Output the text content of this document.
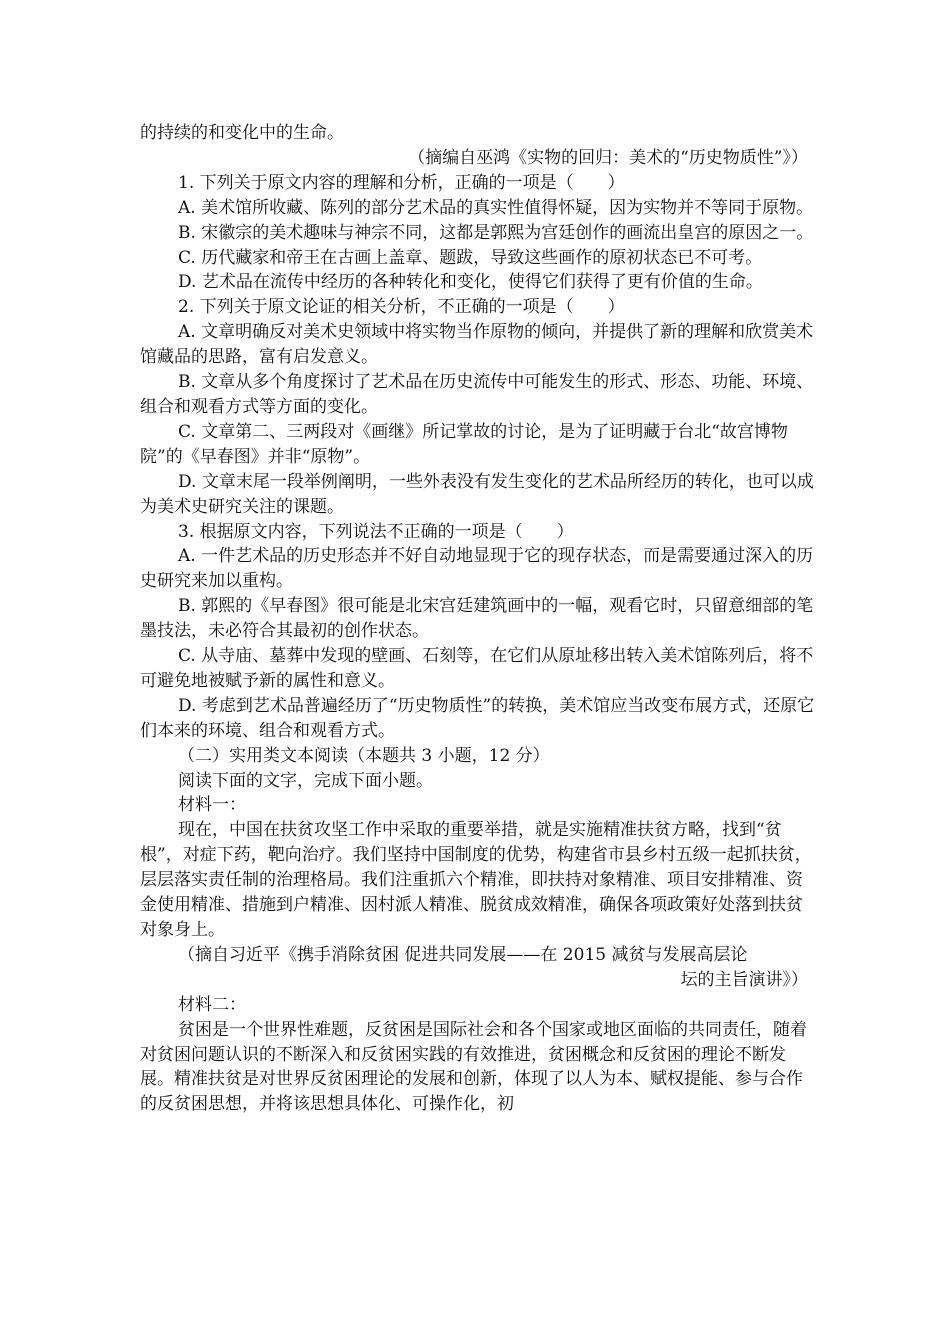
的持续的和变化中的生命。

（摘编自巫鸿《实物的回归：美术的“历史物质性”》）

1. 下列关于原文内容的理解和分析，正确的一项是（　　）

A. 美术馆所收藏、陈列的部分艺术品的真实性值得怀疑，因为实物并不等同于原物。

B. 宋徽宗的美术趣味与神宗不同，这都是郭熙为宫廷创作的画流出皇宫的原因之一。

C. 历代藏家和帝王在古画上盖章、题跋，导致这些画作的原初状态已不可考。

D. 艺术品在流传中经历的各种转化和变化，使得它们获得了更有价值的生命。

2. 下列关于原文论证的相关分析，不正确的一项是（　　）

A. 文章明确反对美术史领域中将实物当作原物的倾向，并提供了新的理解和欣赏美术馆藏品的思路，富有启发意义。

B. 文章从多个角度探讨了艺术品在历史流传中可能发生的形式、形态、功能、环境、组合和观看方式等方面的变化。

C. 文章第二、三两段对《画继》所记掌故的讨论，是为了证明藏于台北“故宫博物院”的《早春图》并非“原物”。

D. 文章末尾一段举例阐明，一些外表没有发生变化的艺术品所经历的转化，也可以成为美术史研究关注的课题。

3. 根据原文内容，下列说法不正确的一项是（　　）

A. 一件艺术品的历史形态并不好自动地显现于它的现存状态，而是需要通过深入的历史研究来加以重构。

B. 郭熙的《早春图》很可能是北宋宫廷建筑画中的一幅，观看它时，只留意细部的笔墨技法，未必符合其最初的创作状态。

C. 从寺庙、墓葬中发现的壁画、石刻等，在它们从原址移出转入美术馆陈列后，将不可避免地被赋予新的属性和意义。

D. 考虑到艺术品普遍经历了“历史物质性”的转换，美术馆应当改变布展方式，还原它们本来的环境、组合和观看方式。

（二）实用类文本阅读（本题共 3 小题，12 分）

阅读下面的文字，完成下面小题。

材料一：

现在，中国在扶贫攻坚工作中采取的重要举措，就是实施精准扶贫方略，找到“贫根”，对症下药，靶向治疗。我们坚持中国制度的优势，构建省市县乡村五级一起抓扶贫，层层落实责任制的治理格局。我们注重抓六个精准，即扶持对象精准、项目安排精准、资金使用精准、措施到户精准、因村派人精准、脱贫成效精准，确保各项政策好处落到扶贫对象身上。

（摘自习近平《携手消除贫困 促进共同发展——在 2015 减贫与发展高层论

坛的主旨演讲》）

材料二：

贫困是一个世界性难题，反贫困是国际社会和各个国家或地区面临的共同责任，随着对贫困问题认识的不断深入和反贫困实践的有效推进，贫困概念和反贫困的理论不断发展。精准扶贫是对世界反贫困理论的发展和创新，体现了以人为本、赋权提能、参与合作的反贫困思想，并将该思想具体化、可操作化，初
